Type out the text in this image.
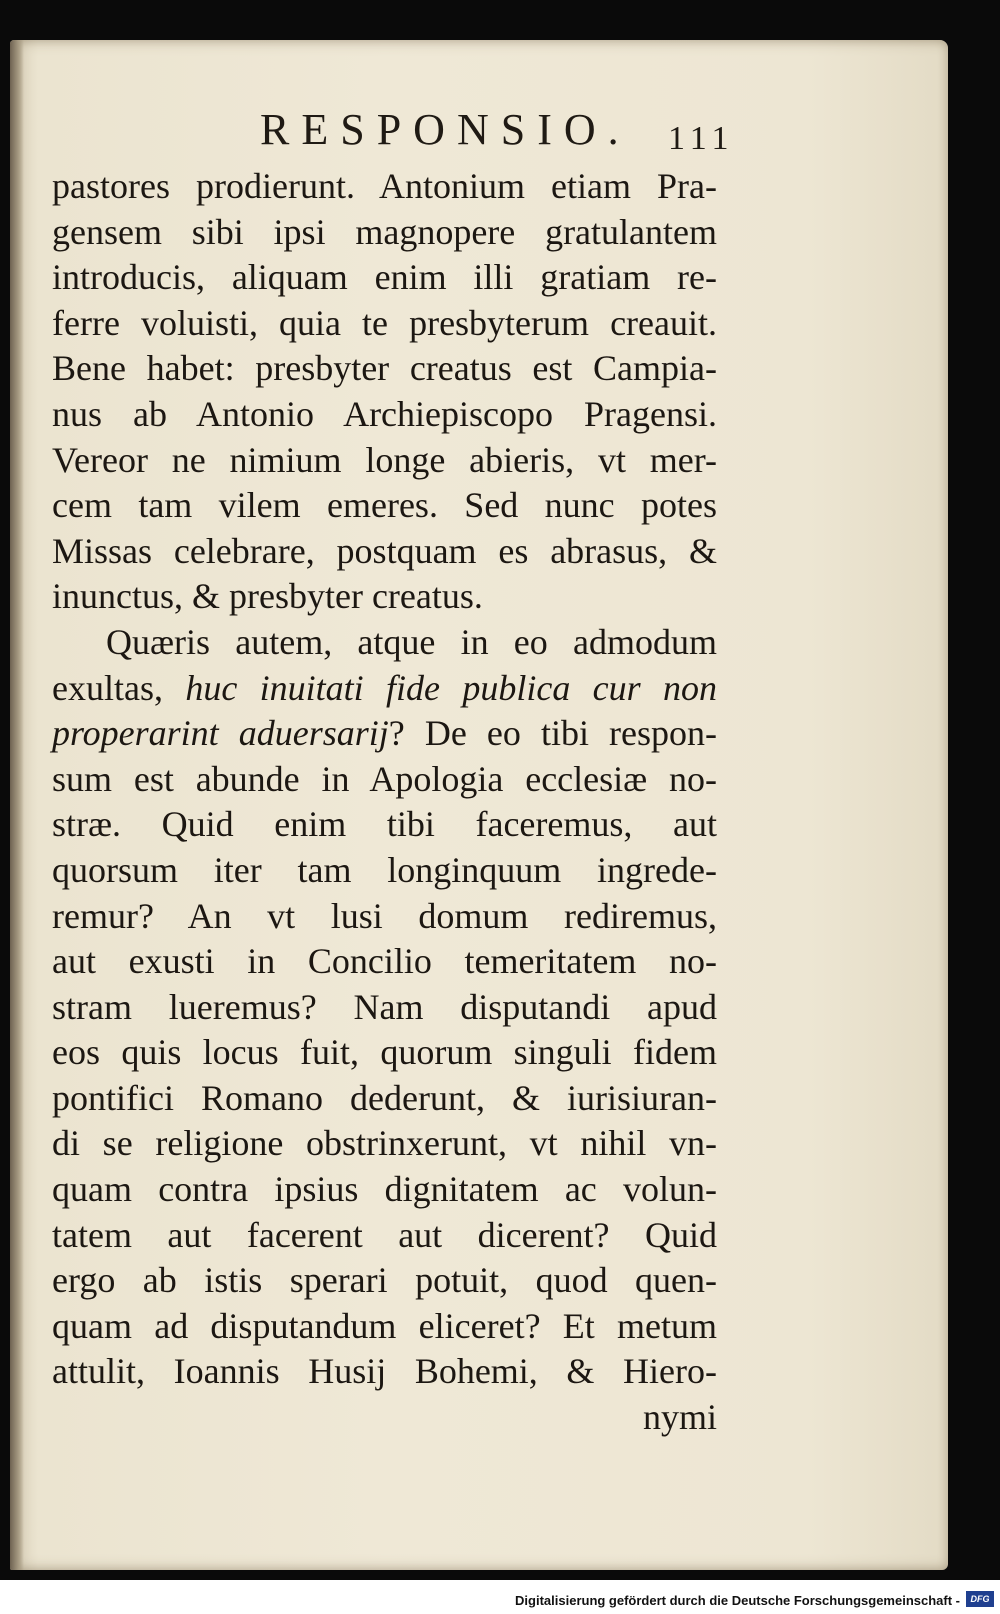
RESPONSIO. 111
pastores prodierunt. Antonium etiam Pra-
gensem sibi ipsi magnopere gratulantem
introducis, aliquam enim illi gratiam re-
ferre voluisti, quia te presbyterum creauit.
Bene habet: presbyter creatus est Campia-
nus ab Antonio Archiepiscopo Pragensi.
Vereor ne nimium longe abieris, vt mer-
cem tam vilem emeres. Sed nunc potes
Missas celebrare, postquam es abrasus, &
inunctus, & presbyter creatus.
Quæris autem, atque in eo admodum
exultas, huc inuitati fide publica cur non
properarint aduersarij? De eo tibi respon-
sum est abunde in Apologia ecclesiæ no-
stræ. Quid enim tibi faceremus, aut
quorsum iter tam longinquum ingrede-
remur? An vt lusi domum rediremus,
aut exusti in Concilio temeritatem no-
stram lueremus? Nam disputandi apud
eos quis locus fuit, quorum singuli fidem
pontifici Romano dederunt, & iurisiuran-
di se religione obstrinxerunt, vt nihil vn-
quam contra ipsius dignitatem ac volun-
tatem aut facerent aut dicerent? Quid
ergo ab istis sperari potuit, quod quen-
quam ad disputandum eliceret? Et metum
attulit, Ioannis Husij Bohemi, & Hiero-
nymi
Digitalisierung gefördert durch die Deutsche Forschungsgemeinschaft -	DFG
